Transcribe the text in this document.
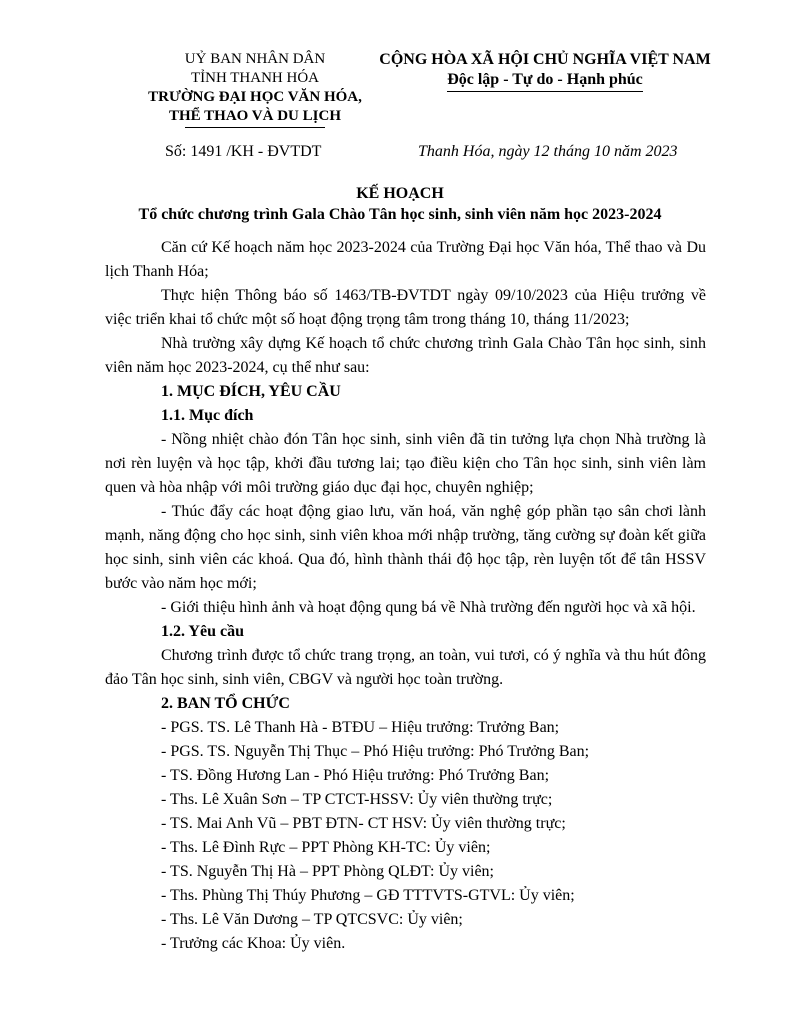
UỶ BAN NHÂN DÂN
TỈNH THANH HÓA
TRƯỜNG ĐẠI HỌC VĂN HÓA,
THỂ THAO VÀ DU LỊCH
CỘNG HÒA XÃ HỘI CHỦ NGHĨA VIỆT NAM
Độc lập - Tự do - Hạnh phúc
Số: 1491 /KH - ĐVTDT	Thanh Hóa, ngày 12 tháng 10 năm 2023
KẾ HOẠCH
Tổ chức chương trình Gala Chào Tân học sinh, sinh viên năm học 2023-2024

Căn cứ Kế hoạch năm học 2023-2024 của Trường Đại học Văn hóa, Thể thao và Du lịch Thanh Hóa;

Thực hiện Thông báo số 1463/TB-ĐVTDT ngày 09/10/2023 của Hiệu trưởng về việc triển khai tổ chức một số hoạt động trọng tâm trong tháng 10, tháng 11/2023;

Nhà trường xây dựng Kế hoạch tổ chức chương trình Gala Chào Tân học sinh, sinh viên năm học 2023-2024, cụ thể như sau:

1. MỤC ĐÍCH, YÊU CẦU

1.1. Mục đích

- Nồng nhiệt chào đón Tân học sinh, sinh viên đã tin tưởng lựa chọn Nhà trường là nơi rèn luyện và học tập, khởi đầu tương lai; tạo điều kiện cho Tân học sinh, sinh viên làm quen và hòa nhập với môi trường giáo dục đại học, chuyên nghiệp;

- Thúc đẩy các hoạt động giao lưu, văn hoá, văn nghệ góp phần tạo sân chơi lành mạnh, năng động cho học sinh, sinh viên khoa mới nhập trường, tăng cường sự đoàn kết giữa học sinh, sinh viên các khoá. Qua đó, hình thành thái độ học tập, rèn luyện tốt để tân HSSV bước vào năm học mới;

- Giới thiệu hình ảnh và hoạt động qung bá về Nhà trường đến người học và xã hội.

1.2. Yêu cầu

Chương trình được tổ chức trang trọng, an toàn, vui tươi, có ý nghĩa và thu hút đông đảo Tân học sinh, sinh viên, CBGV và người học toàn trường.

2. BAN TỔ CHỨC

- PGS. TS. Lê Thanh Hà - BTĐU – Hiệu trưởng: Trưởng Ban;

- PGS. TS. Nguyễn Thị Thục – Phó Hiệu trưởng: Phó Trưởng Ban;

- TS. Đồng Hương Lan - Phó Hiệu trưởng: Phó Trưởng Ban;

- Ths. Lê Xuân Sơn – TP CTCT-HSSV: Ủy viên thường trực;

- TS. Mai Anh Vũ – PBT ĐTN- CT HSV: Ủy viên thường trực;

- Ths. Lê Đình Rực – PPT Phòng KH-TC: Ủy viên;

- TS. Nguyễn Thị Hà – PPT Phòng QLĐT: Ủy viên;

- Ths. Phùng Thị Thúy Phương – GĐ TTTVTS-GTVL: Ủy viên;

- Ths. Lê Văn Dương – TP QTCSVC: Ủy viên;

- Trưởng các Khoa: Ủy viên.
